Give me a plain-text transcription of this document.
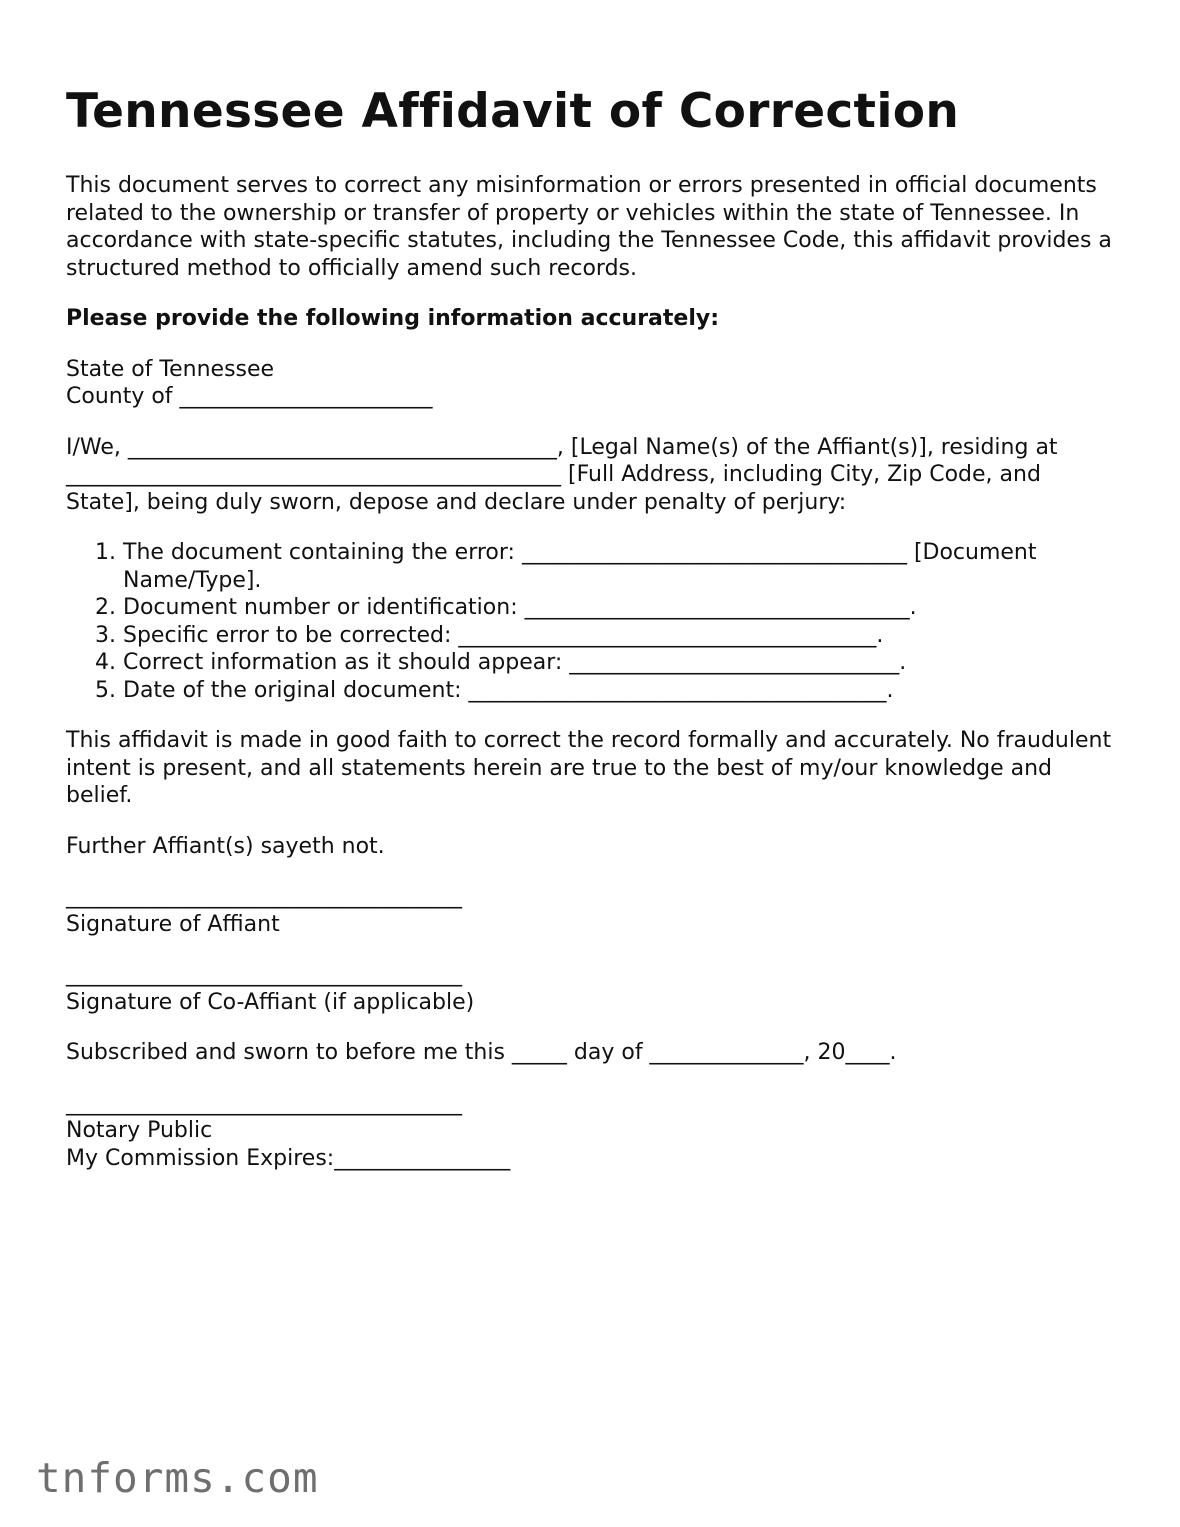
Tennessee Affidavit of Correction

This document serves to correct any misinformation or errors presented in official documents related to the ownership or transfer of property or vehicles within the state of Tennessee. In accordance with state-specific statutes, including the Tennessee Code, this affidavit provides a structured method to officially amend such records.

Please provide the following information accurately:

State of Tennessee

County of _______________________

I/We, _______________________________________, [Legal Name(s) of the Affiant(s)], residing at _____________________________________________ [Full Address, including City, Zip Code, and State], being duly sworn, depose and declare under penalty of perjury:

1. The document containing the error: ___________________________________ [Document Name/Type].
2. Document number or identification: ___________________________________.
3. Specific error to be corrected: ______________________________________.
4. Correct information as it should appear: ______________________________.
5. Date of the original document: ______________________________________.

This affidavit is made in good faith to correct the record formally and accurately. No fraudulent intent is present, and all statements herein are true to the best of my/our knowledge and belief.

Further Affiant(s) sayeth not.

____________________________________

Signature of Affiant

____________________________________

Signature of Co-Affiant (if applicable)

Subscribed and sworn to before me this _____ day of ______________, 20____.

____________________________________

Notary Public

My Commission Expires:________________

tnforms.com
